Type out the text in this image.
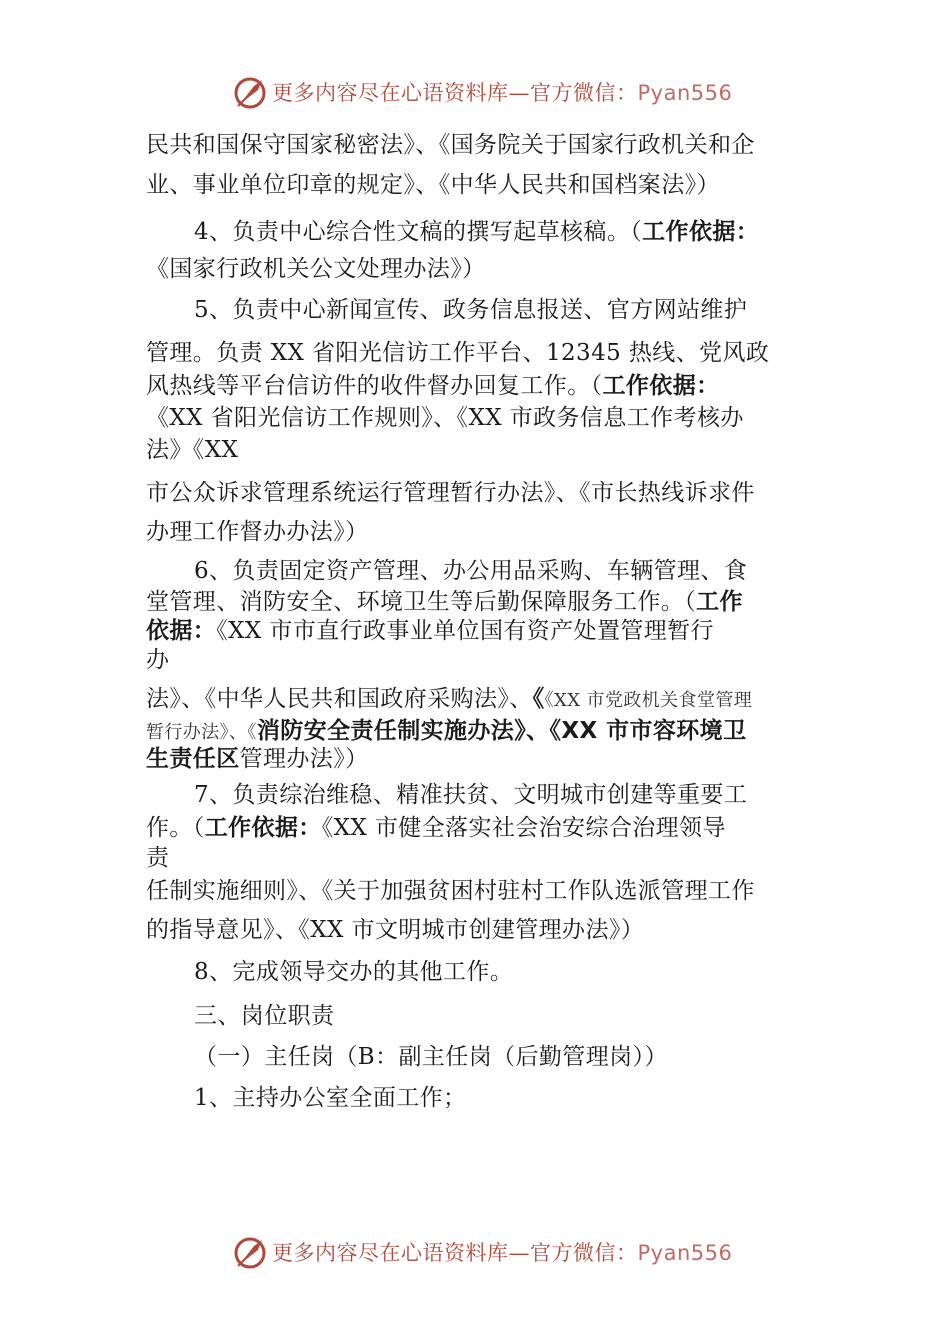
更多内容尽在心语资料库—官方微信：Pyan556
民共和国保守国家秘密法》、《国务院关于国家行政机关和企
业、事业单位印章的规定》、《中华人民共和国档案法》）
4、负责中心综合性文稿的撰写起草核稿。（工作依据：
《国家行政机关公文处理办法》）
5、负责中心新闻宣传、政务信息报送、官方网站维护
管理。负责 XX 省阳光信访工作平台、12345 热线、党风政
风热线等平台信访件的收件督办回复工作。（工作依据：
《XX 省阳光信访工作规则》、《XX 市政务信息工作考核办
法》《XX
市公众诉求管理系统运行管理暂行办法》、《市长热线诉求件
办理工作督办办法》）
6、负责固定资产管理、办公用品采购、车辆管理、食
堂管理、消防安全、环境卫生等后勤保障服务工作。（工作
依据：《XX 市市直行政事业单位国有资产处置管理暂行
办
法》、《中华人民共和国政府采购法》、《《XX 市党政机关食堂管理
暂行办法》、《消防安全责任制实施办法》、《XX 市市容环境卫
生责任区管理办法》）
7、负责综治维稳、精准扶贫、文明城市创建等重要工
作。（工作依据：《XX 市健全落实社会治安综合治理领导
责
任制实施细则》、《关于加强贫困村驻村工作队选派管理工作
的指导意见》、《XX 市文明城市创建管理办法》）
8、完成领导交办的其他工作。
三、岗位职责
（一）主任岗（B：副主任岗（后勤管理岗））
1、主持办公室全面工作；
更多内容尽在心语资料库—官方微信：Pyan556
